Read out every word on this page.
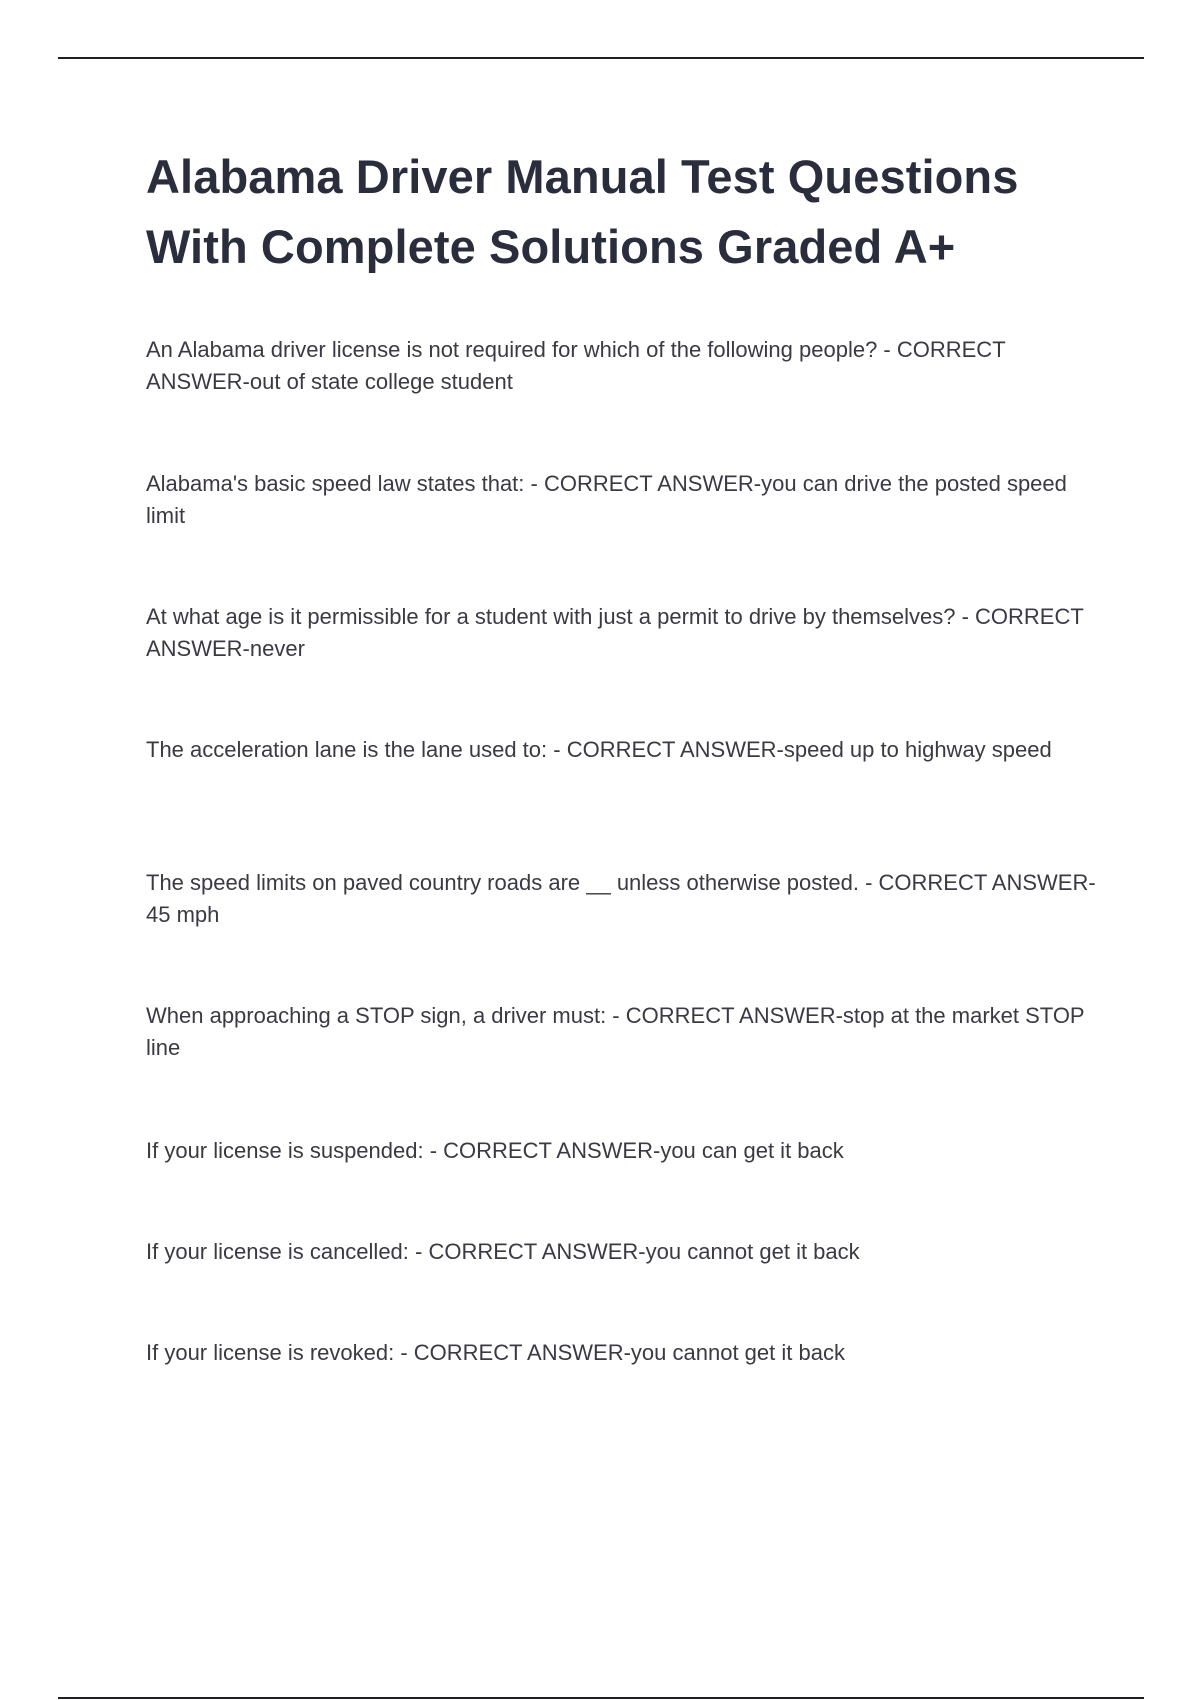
Alabama Driver Manual Test Questions With Complete Solutions Graded A+
An Alabama driver license is not required for which of the following people? - CORRECT ANSWER-out of state college student
Alabama's basic speed law states that: - CORRECT ANSWER-you can drive the posted speed limit
At what age is it permissible for a student with just a permit to drive by themselves? - CORRECT ANSWER-never
The acceleration lane is the lane used to: - CORRECT ANSWER-speed up to highway speed
The speed limits on paved country roads are __ unless otherwise posted. - CORRECT ANSWER-45 mph
When approaching a STOP sign, a driver must: - CORRECT ANSWER-stop at the market STOP line
If your license is suspended: - CORRECT ANSWER-you can get it back
If your license is cancelled: - CORRECT ANSWER-you cannot get it back
If your license is revoked: - CORRECT ANSWER-you cannot get it back
